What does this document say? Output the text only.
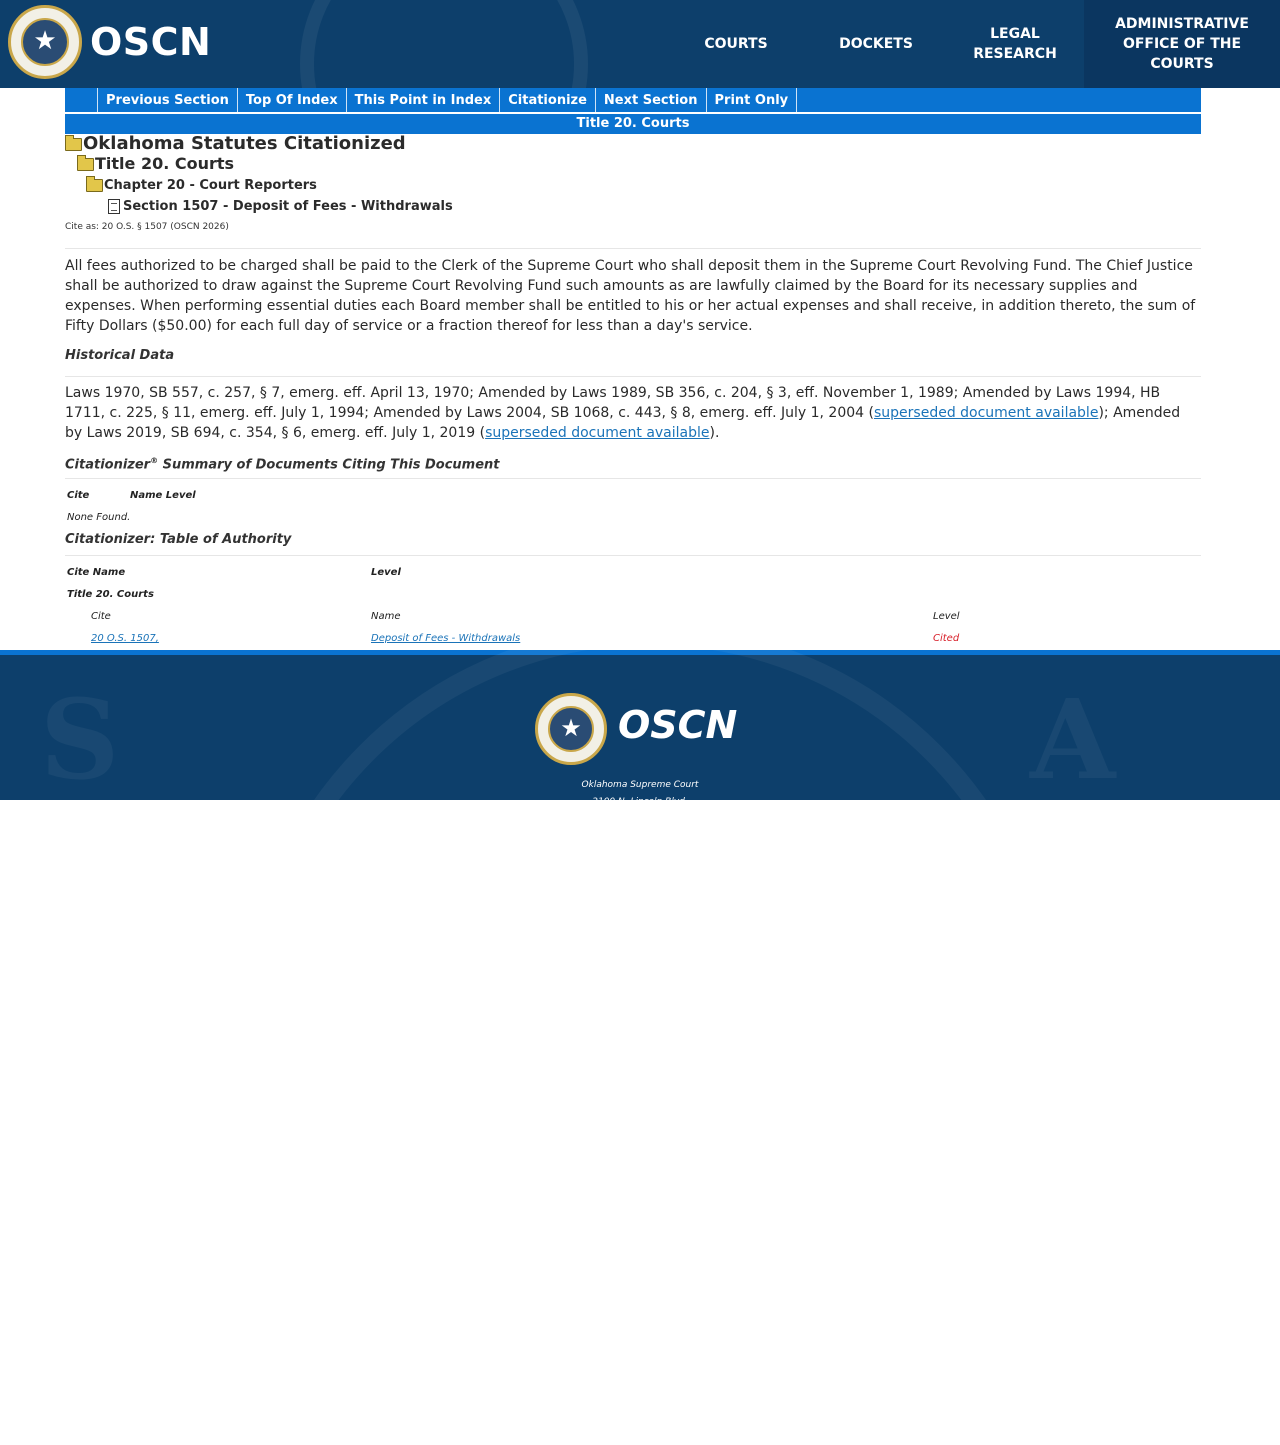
★ OSCN	COURTS	DOCKETS
LEGAL RESEARCH
ADMINISTRATIVE OFFICE OF THE COURTS
Previous Section	Top Of Index	This Point in Index	Citationize	Next Section	Print Only
Title 20. Courts
Oklahoma Statutes Citationized
Title 20. Courts
Chapter 20 - Court Reporters
Section 1507 - Deposit of Fees - Withdrawals
Cite as: 20 O.S. § 1507 (OSCN 2026)
All fees authorized to be charged shall be paid to the Clerk of the Supreme Court who shall deposit them in the Supreme Court Revolving Fund. The Chief Justice shall be authorized to draw against the Supreme Court Revolving Fund such amounts as are lawfully claimed by the Board for its necessary supplies and expenses. When performing essential duties each Board member shall be entitled to his or her actual expenses and shall receive, in addition thereto, the sum of Fifty Dollars ($50.00) for each full day of service or a fraction thereof for less than a day's service.
Historical Data
Laws 1970, SB 557, c. 257, § 7, emerg. eff. April 13, 1970; Amended by Laws 1989, SB 356, c. 204, § 3, eff. November 1, 1989; Amended by Laws 1994, HB 1711, c. 225, § 11, emerg. eff. July 1, 1994; Amended by Laws 2004, SB 1068, c. 443, § 8, emerg. eff. July 1, 2004 (superseded document available); Amended by Laws 2019, SB 694, c. 354, § 6, emerg. eff. July 1, 2019 (superseded document available).
Citationizer® Summary of Documents Citing This Document
Cite	Name Level
None Found.
Citationizer: Table of Authority
Cite Name	Level
Title 20. Courts
Cite	Name	Level
20 O.S. 1507,	Deposit of Fees - Withdrawals	Cited
S	A
★ OSCN
Oklahoma Supreme Court
2100 N. Lincoln Blvd.
